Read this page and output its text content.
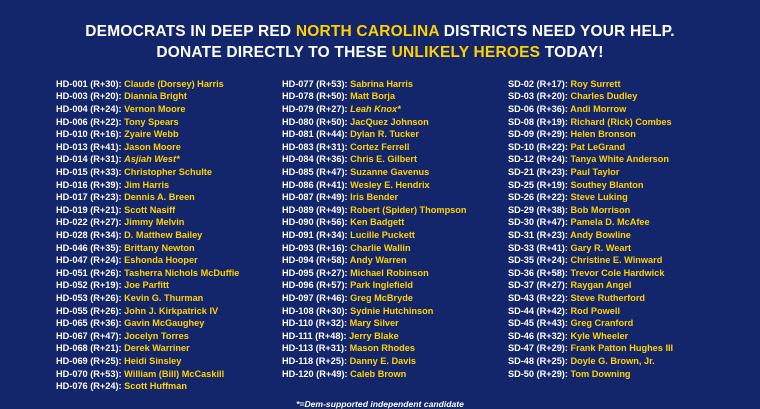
DEMOCRATS IN DEEP RED NORTH CAROLINA DISTRICTS NEED YOUR HELP.
DONATE DIRECTLY TO THESE UNLIKELY HEROES TODAY!
HD-001 (R+30): Claude (Dorsey) Harris
HD-003 (R+20): Diannia Bright
HD-004 (R+24): Vernon Moore
HD-006 (R+22): Tony Spears
HD-010 (R+16): Zyaire Webb
HD-013 (R+41): Jason Moore
HD-014 (R+31): Asjiah West*
HD-015 (R+33): Christopher Schulte
HD-016 (R+39): Jim Harris
HD-017 (R+23): Dennis A. Breen
HD-019 (R+21): Scott Nasiff
HD-022 (R+27): Jimmy Melvin
HD-028 (R+34): D. Matthew Bailey
HD-046 (R+35): Brittany Newton
HD-047 (R+24): Eshonda Hooper
HD-051 (R+26): Tasherra Nichols McDuffie
HD-052 (R+19): Joe Parfitt
HD-053 (R+26): Kevin G. Thurman
HD-055 (R+26): John J. Kirkpatrick IV
HD-065 (R+36): Gavin McGaughey
HD-067 (R+47): Jocelyn Torres
HD-068 (R+21): Derek Warriner
HD-069 (R+25): Heidi Sinsley
HD-070 (R+53): William (Bill) McCaskill
HD-076 (R+24): Scott Huffman
HD-077 (R+53): Sabrina Harris
HD-078 (R+50): Matt Borja
HD-079 (R+27): Leah Knox*
HD-080 (R+50): JacQuez Johnson
HD-081 (R+44): Dylan R. Tucker
HD-083 (R+31): Cortez Ferrell
HD-084 (R+36): Chris E. Gilbert
HD-085 (R+47): Suzanne Gavenus
HD-086 (R+41): Wesley E. Hendrix
HD-087 (R+49): Iris Bender
HD-089 (R+49): Robert (Spider) Thompson
HD-090 (R+56): Ken Badgett
HD-091 (R+34): Lucille Puckett
HD-093 (R+16): Charlie Wallin
HD-094 (R+58): Andy Warren
HD-095 (R+27): Michael Robinson
HD-096 (R+57): Park Inglefield
HD-097 (R+46): Greg McBryde
HD-108 (R+30): Sydnie Hutchinson
HD-110 (R+32): Mary Silver
HD-111 (R+48): Jerry Blake
HD-113 (R+31): Mason Rhodes
HD-118 (R+25): Danny E. Davis
HD-120 (R+49): Caleb Brown
SD-02 (R+17): Roy Surrett
SD-03 (R+20): Charles Dudley
SD-06 (R+36): Andi Morrow
SD-08 (R+19): Richard (Rick) Combes
SD-09 (R+29): Helen Bronson
SD-10 (R+22): Pat LeGrand
SD-12 (R+24): Tanya White Anderson
SD-21 (R+23): Paul Taylor
SD-25 (R+19): Southey Blanton
SD-26 (R+22): Steve Luking
SD-29 (R+38): Bob Morrison
SD-30 (R+47): Pamela D. McAfee
SD-31 (R+23): Andy Bowline
SD-33 (R+41): Gary R. Weart
SD-35 (R+24): Christine E. Winward
SD-36 (R+58): Trevor Cole Hardwick
SD-37 (R+27): Raygan Angel
SD-43 (R+22): Steve Rutherford
SD-44 (R+42): Rod Powell
SD-45 (R+43): Greg Cranford
SD-46 (R+32): Kyle Wheeler
SD-47 (R+29): Frank Patton Hughes III
SD-48 (R+25): Doyle G. Brown, Jr.
SD-50 (R+29): Tom Downing
*=Dem-supported independent candidate
